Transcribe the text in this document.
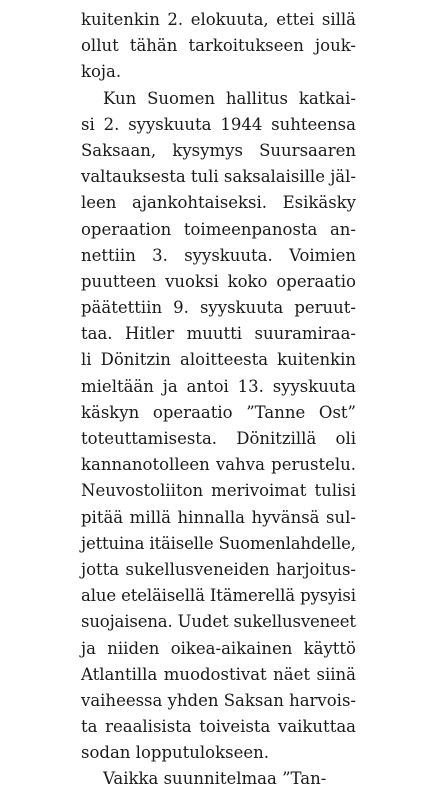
kuitenkin 2. elokuuta, ettei sillä
ollut tähän tarkoitukseen jouk-
koja.
Kun Suomen hallitus katkai-
si 2. syyskuuta 1944 suhteensa
Saksaan, kysymys Suursaaren
valtauksesta tuli saksalaisille jäl-
leen ajankohtaiseksi. Esikäsky
operaation toimeenpanosta an-
nettiin 3. syyskuuta. Voimien
puutteen vuoksi koko operaatio
päätettiin 9. syyskuuta peruut-
taa. Hitler muutti suuramiraa-
li Dönitzin aloitteesta kuitenkin
mieltään ja antoi 13. syyskuuta
käskyn operaatio ”Tanne Ost”
toteuttamisesta. Dönitzillä oli
kannanotolleen vahva perustelu.
Neuvostoliiton merivoimat tulisi
pitää millä hinnalla hyvänsä sul-
jettuina itäiselle Suomenlahdelle,
jotta sukellusveneiden harjoitus-
alue eteläisellä Itämerellä pysyisi
suojaisena. Uudet sukellusveneet
ja niiden oikea-aikainen käyttö
Atlantilla muodostivat näet siinä
vaiheessa yhden Saksan harvois-
ta reaalisista toiveista vaikuttaa
sodan lopputulokseen.
Vaikka suunnitelmaa ”Tan-
